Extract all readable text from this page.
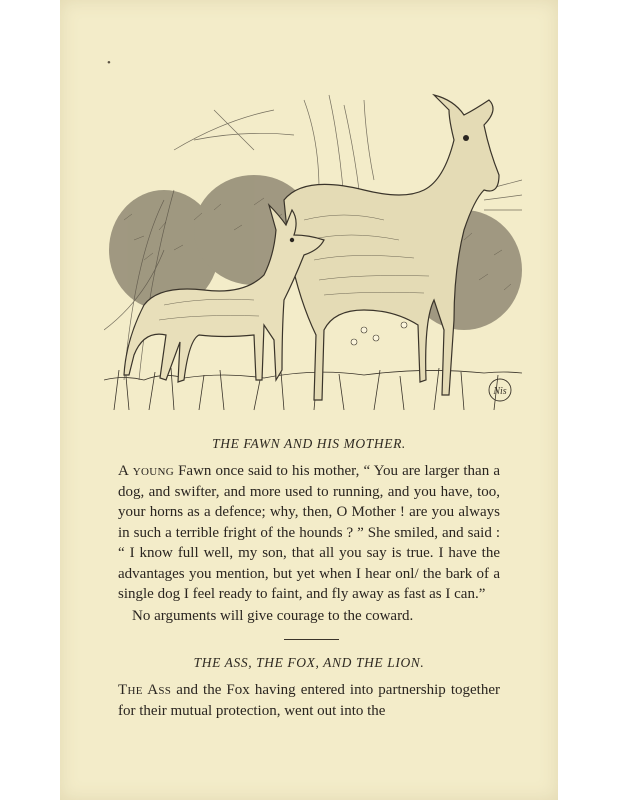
•
Nis
THE FAWN AND HIS MOTHER.
A young Fawn once said to his mother, “ You are larger than a dog, and swifter, and more used to running, and you have, too, your horns as a defence; why, then, O Mother ! are you always in such a terrible fright of the hounds ? ” She smiled, and said : “ I know full well, my son, that all you say is true. I have the advantages you mention, but yet when I hear onl/ the bark of a single dog I feel ready to faint, and fly away as fast as I can.”
No arguments will give courage to the coward.
THE ASS, THE FOX, AND THE LION.
The Ass and the Fox having entered into partnership together for their mutual protection, went out into the
